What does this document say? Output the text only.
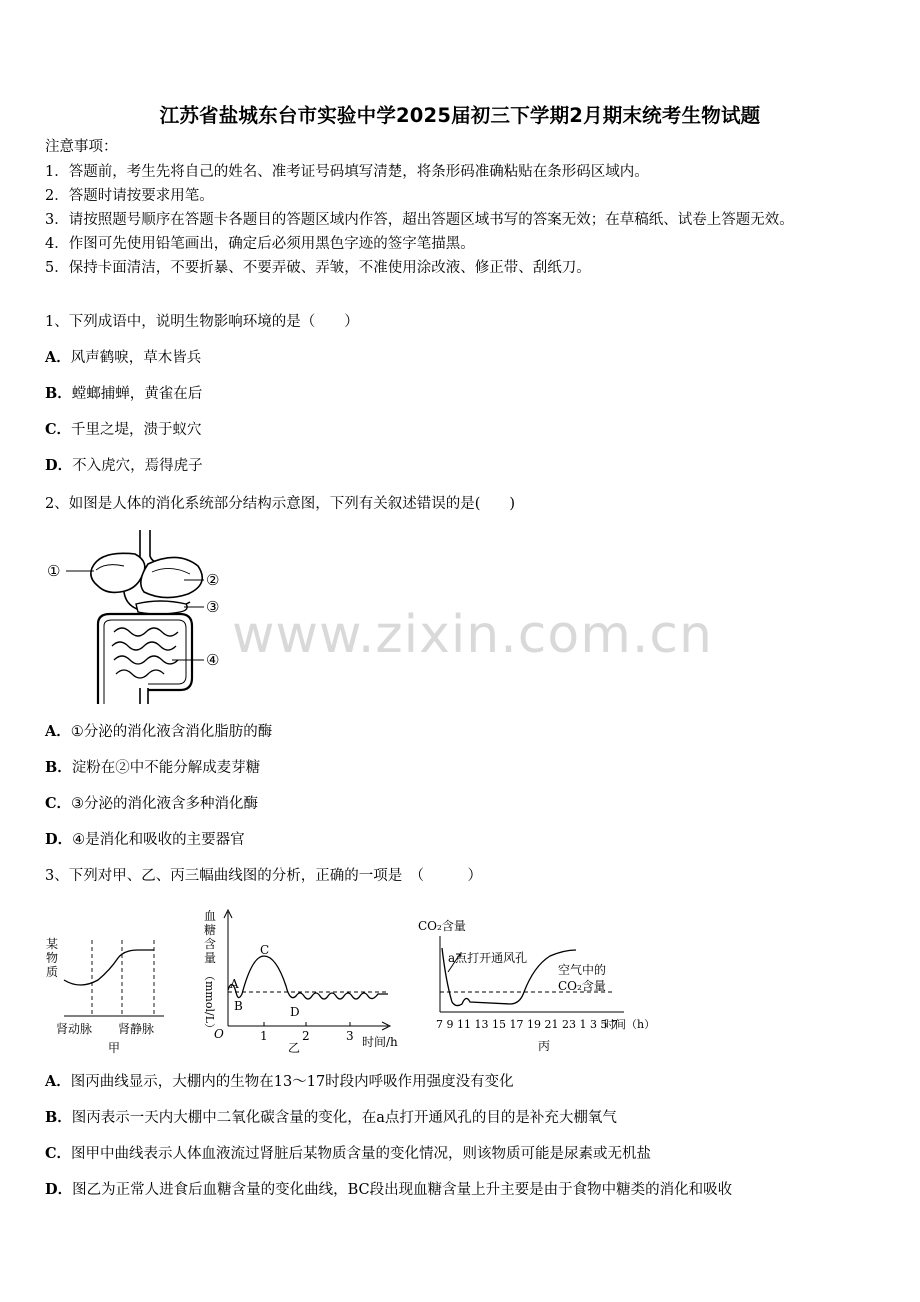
江苏省盐城东台市实验中学2025届初三下学期2月期末统考生物试题
注意事项：
1．答题前，考生先将自己的姓名、准考证号码填写清楚，将条形码准确粘贴在条形码区域内。
2．答题时请按要求用笔。
3．请按照题号顺序在答题卡各题目的答题区域内作答，超出答题区域书写的答案无效；在草稿纸、试卷上答题无效。
4．作图可先使用铅笔画出，确定后必须用黑色字迹的签字笔描黑。
5．保持卡面清洁，不要折暴、不要弄破、弄皱，不准使用涂改液、修正带、刮纸刀。
1、下列成语中，说明生物影响环境的是（　　）
A．风声鹤唳，草木皆兵
B．螳螂捕蝉，黄雀在后
C．千里之堤，溃于蚁穴
D．不入虎穴，焉得虎子
2、如图是人体的消化系统部分结构示意图，下列有关叙述错误的是(　　)
①	②
③
④
A．①分泌的消化液含消化脂肪的酶
B．淀粉在②中不能分解成麦芽糖
C．③分泌的消化液含多种消化酶
D．④是消化和吸收的主要器官
www.zixin.com.cn
3、下列对甲、乙、丙三幅曲线图的分析，正确的一项是　（　　　）
某
物
质
肾动脉 肾静脉
甲
血
糖
含
量
（mmol/L） A
B
C
D
O	1	2	3 时间/h
乙
CO₂含量
a点打开通风孔
空气中的
CO₂含量
7 9 11 13 15 17 19 21 23 1 3 5 7
时间（h）
丙
A．图丙曲线显示，大棚内的生物在13～17时段内呼吸作用强度没有变化
B．图丙表示一天内大棚中二氧化碳含量的变化，在a点打开通风孔的目的是补充大棚氧气
C．图甲中曲线表示人体血液流过肾脏后某物质含量的变化情况，则该物质可能是尿素或无机盐
D．图乙为正常人进食后血糖含量的变化曲线，BC段出现血糖含量上升主要是由于食物中糖类的消化和吸收
